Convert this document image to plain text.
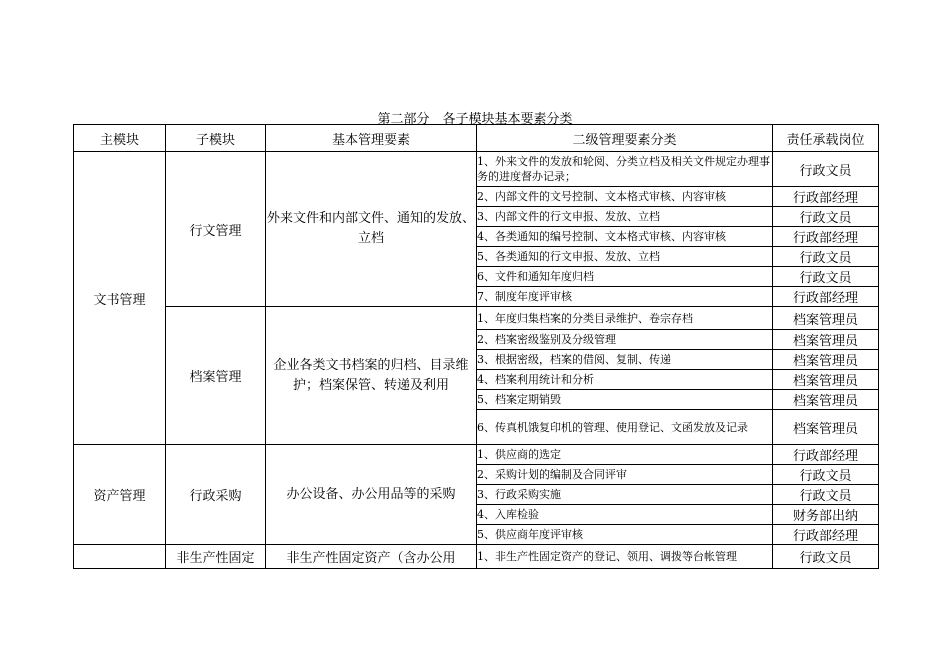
第二部分　各子模块基本要素分类
主模块	子模块	基本管理要素	二级管理要素分类	责任承载岗位
文书管理	行文管理	外来文件和内部文件、通知的发放、立档	1、外来文件的发放和轮阅、分类立档及相关文件规定办理事务的进度督办记录；	行政文员
			2、内部文件的文号控制、文本格式审核、内容审核	行政部经理
			3、内部文件的行文申报、发放、立档	行政文员
			4、各类通知的编号控制、文本格式审核、内容审核	行政部经理
			5、各类通知的行文申报、发放、立档	行政文员
			6、文件和通知年度归档	行政文员
			7、制度年度评审核	行政部经理
	档案管理	企业各类文书档案的归档、目录维护；档案保管、转递及利用	1、年度归集档案的分类目录维护、卷宗存档	档案管理员
			2、档案密级鉴别及分级管理	档案管理员
			3、根据密级，档案的借阅、复制、传递	档案管理员
			4、档案利用统计和分析	档案管理员
			5、档案定期销毁	档案管理员
			6、传真机饿复印机的管理、使用登记、文函发放及记录	档案管理员
资产管理	行政采购	办公设备、办公用品等的采购	1、供应商的选定	行政部经理
			2、采购计划的编制及合同评审	行政文员
			3、行政采购实施	行政文员
			4、入库检验	财务部出纳
			5、供应商年度评审核	行政部经理
	非生产性固定	非生产性固定资产（含办公用	1、非生产性固定资产的登记、领用、调拨等台帐管理	行政文员
